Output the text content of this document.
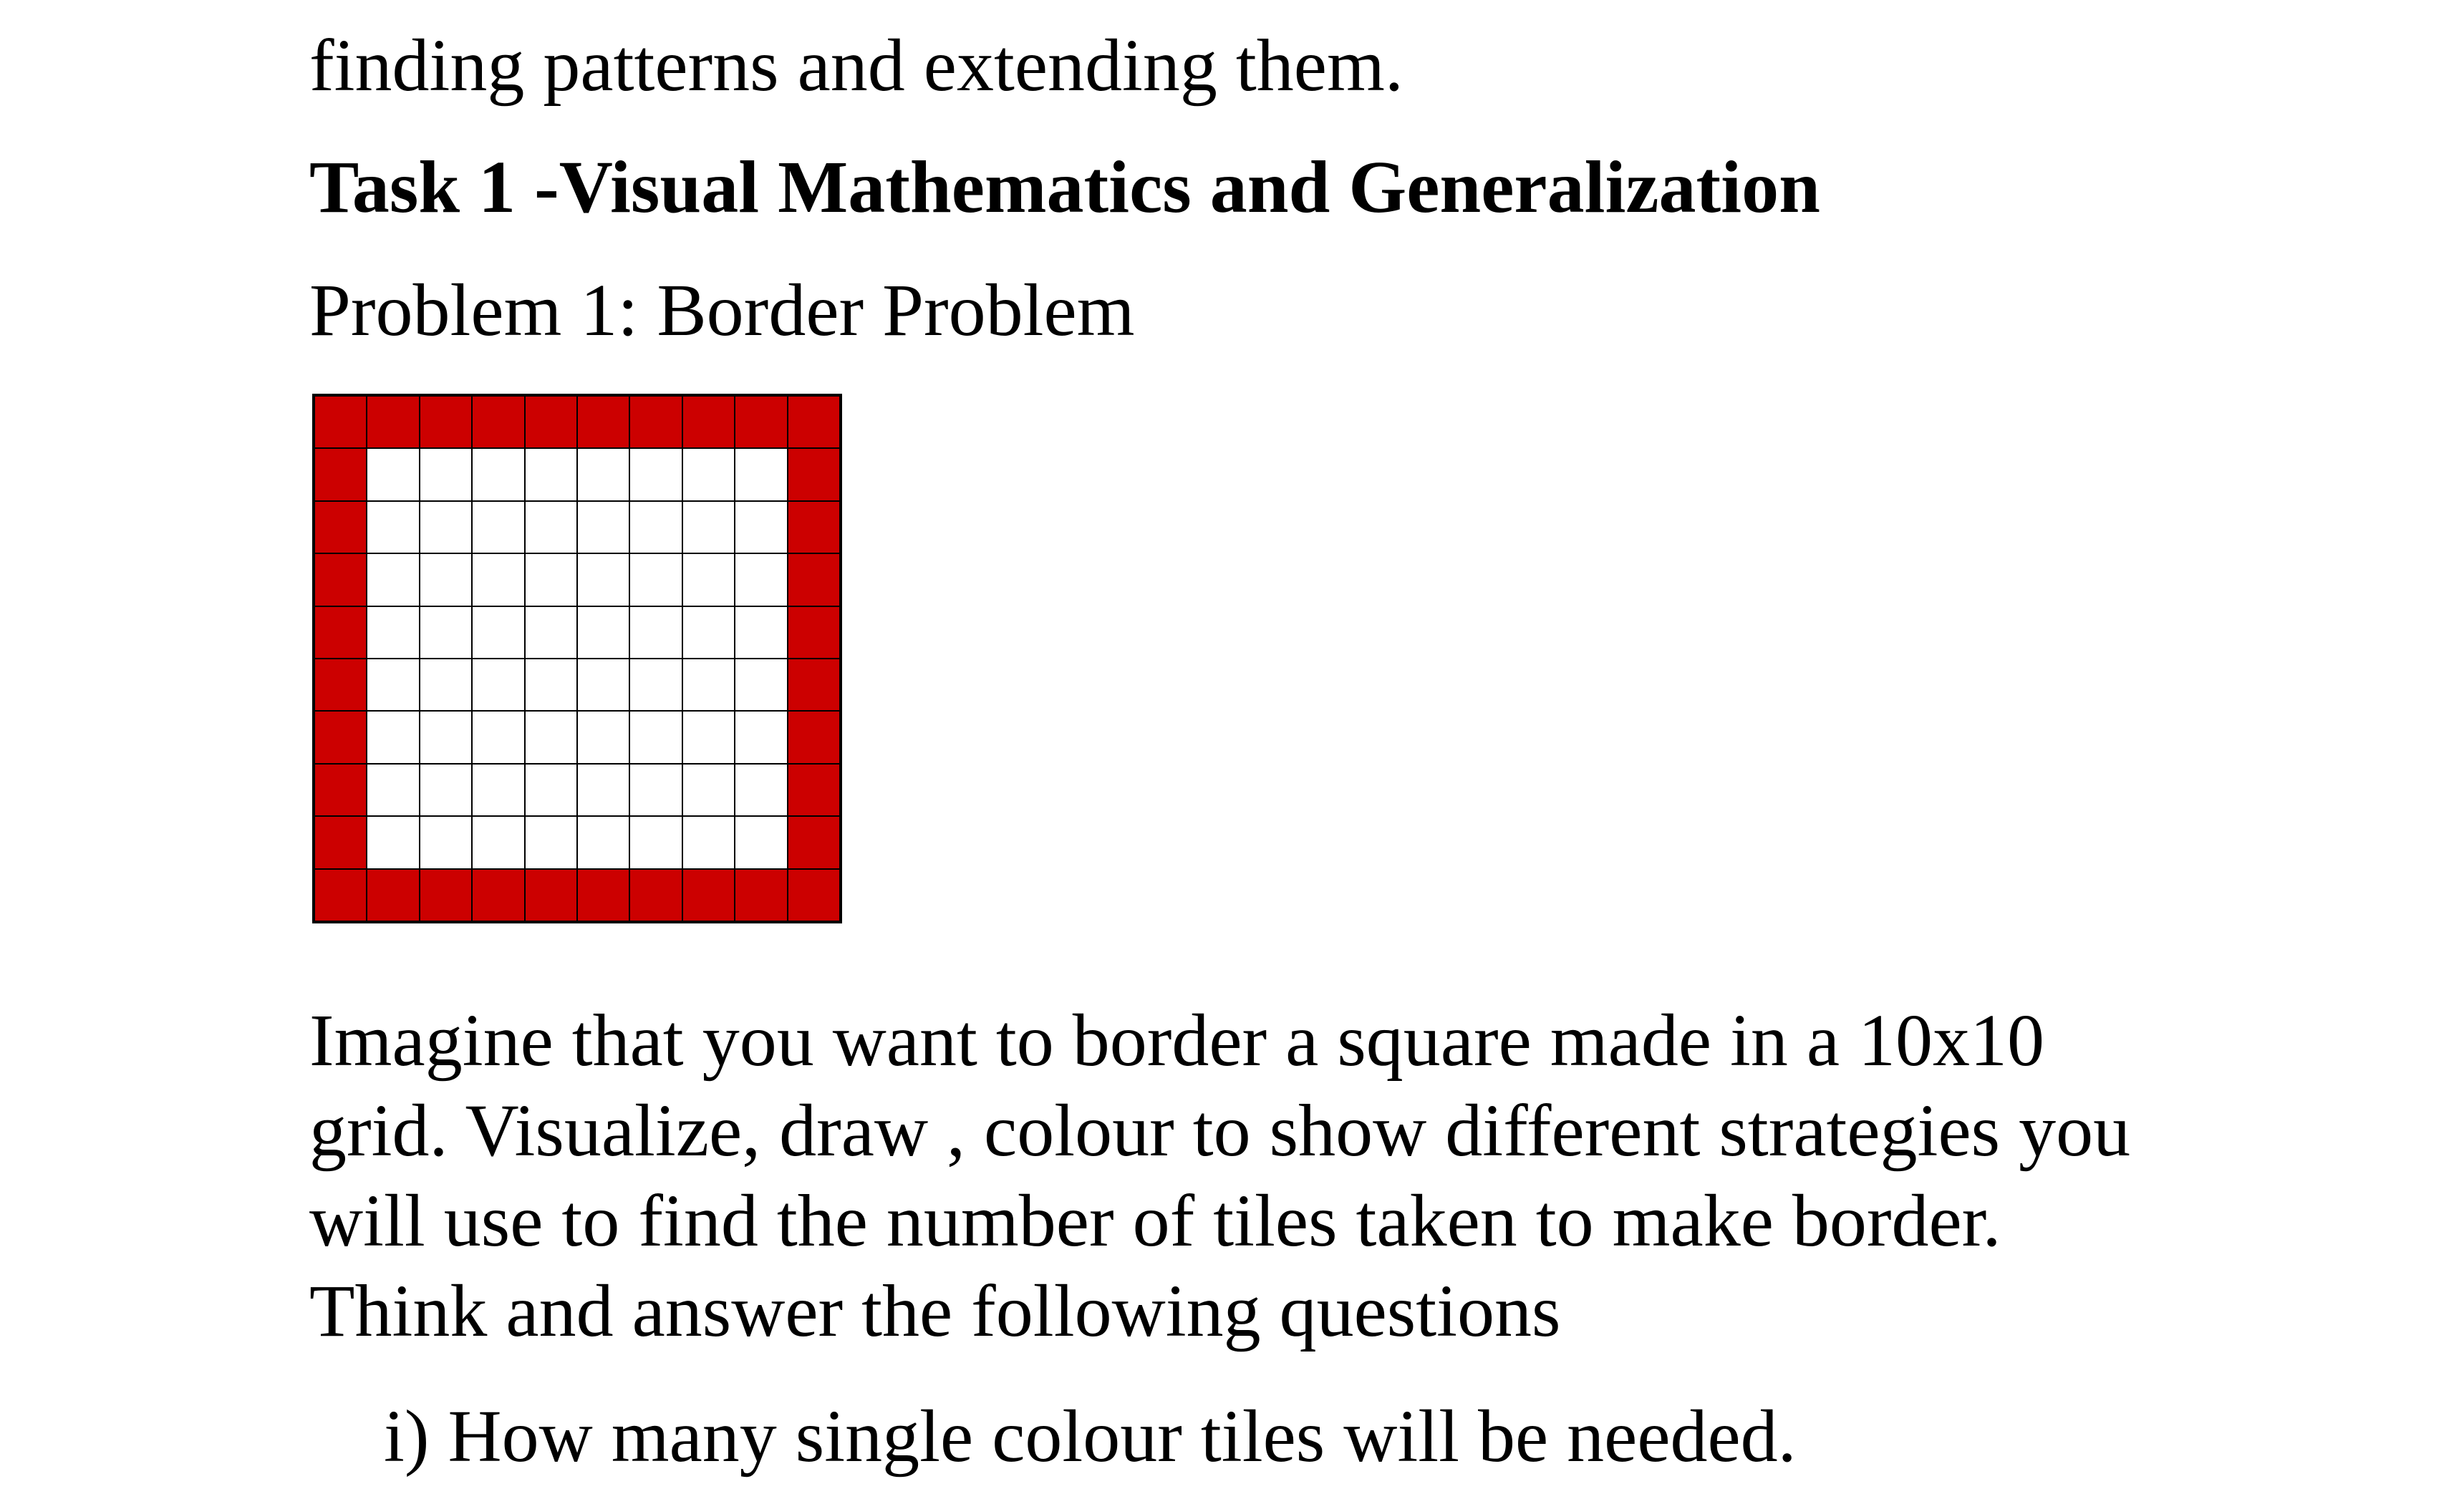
finding patterns and extending them.
Task 1 -Visual Mathematics and Generalization
Problem 1: Border Problem
Imagine that you want to border a square made in a 10x10
grid. Visualize, draw , colour to show different strategies you
will use to find the number of tiles taken to make border.
Think and answer the following questions
i) How many single colour tiles will be needed.
